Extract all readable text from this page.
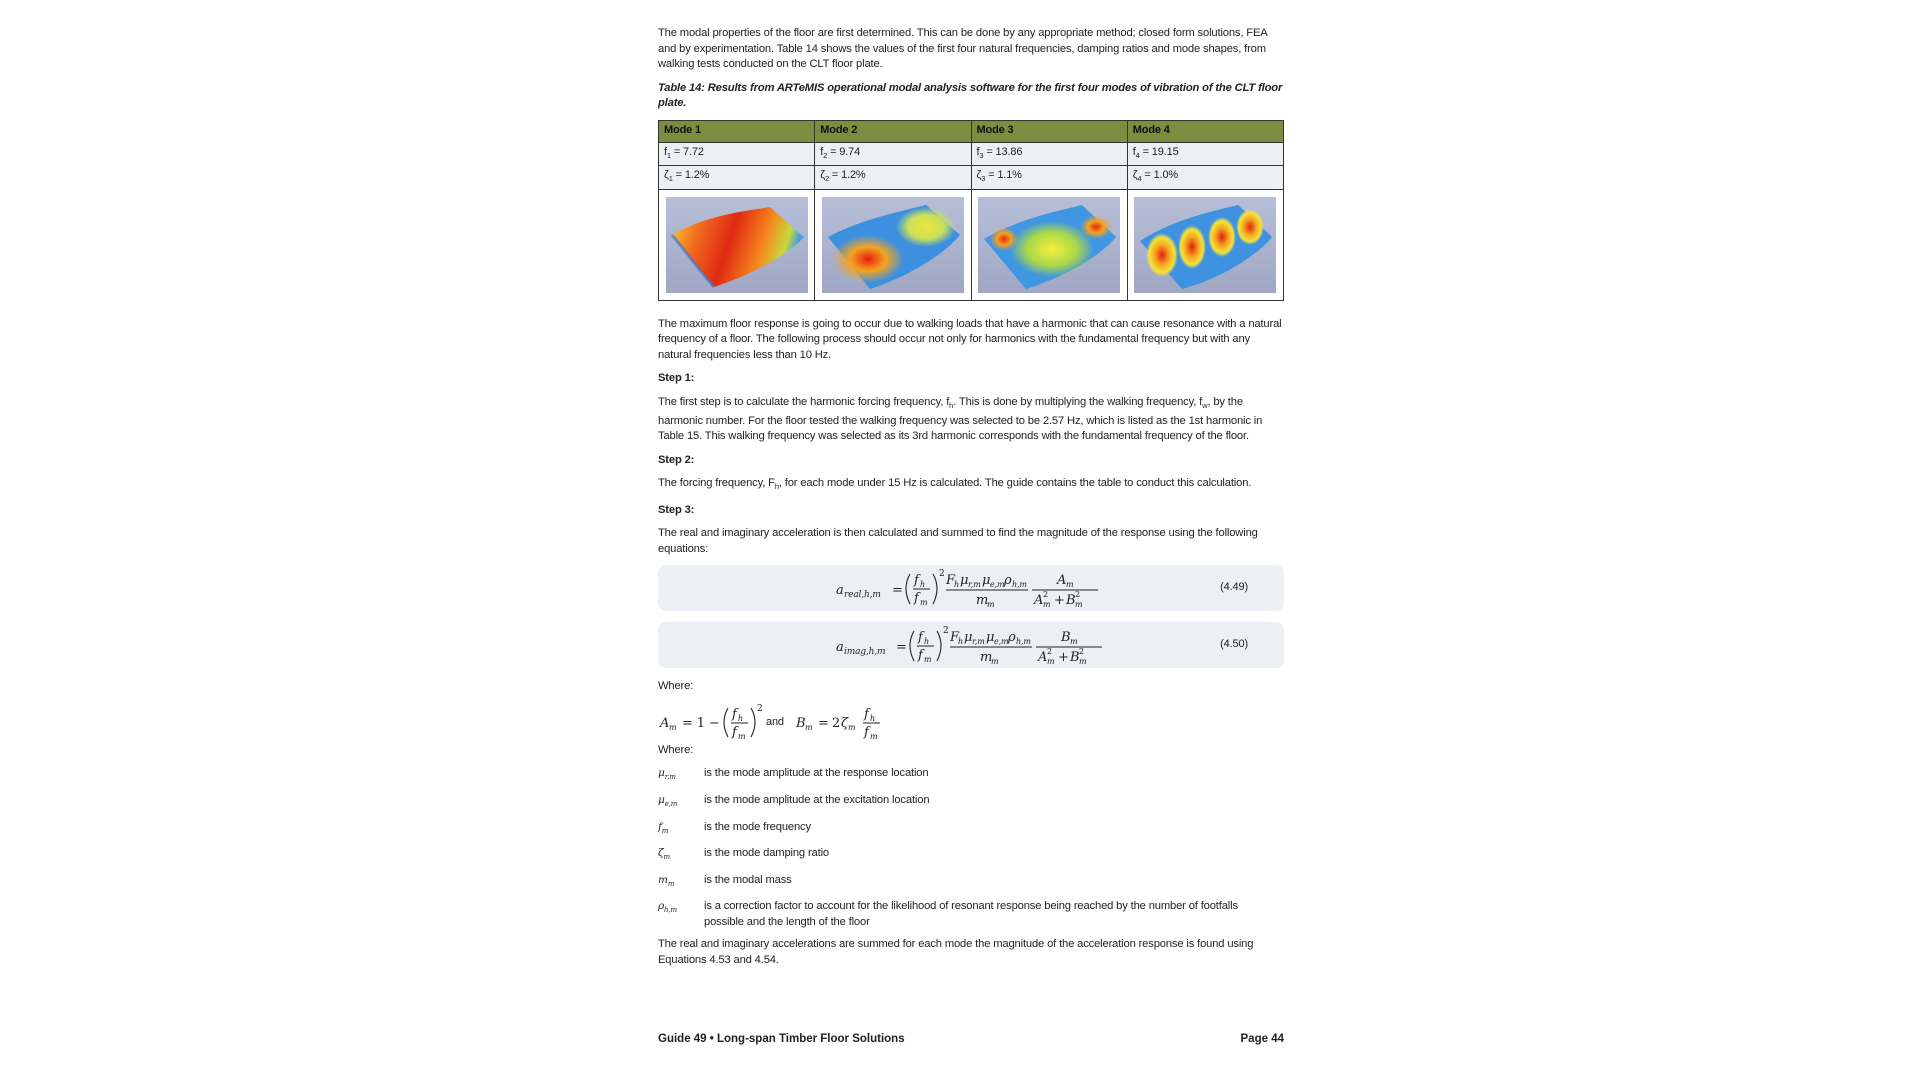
The modal properties of the floor are first determined. This can be done by any appropriate method; closed form solutions, FEA and by experimentation. Table 14 shows the values of the first four natural frequencies, damping ratios and mode shapes, from walking tests conducted on the CLT floor plate.

Table 14: Results from ARTeMIS operational modal analysis software for the first four modes of vibration of the CLT floor plate.

Mode 1	Mode 2	Mode 3	Mode 4
$f_1 = 7.72$	$f_2 = 9.74$	$f_3 = 13.86$	$f_4 = 19.15$
$\zeta_1 = 1.2\%$	$\zeta_2 = 1.2\%$	$\zeta_3 = 1.1\%$	$\zeta_4 = 1.0\%$

The maximum floor response is going to occur due to walking loads that have a harmonic that can cause resonance with a natural frequency of a floor. The following process should occur not only for harmonics with the fundamental frequency but with any natural frequencies less than 10 Hz.

Step 1:

The first step is to calculate the harmonic forcing frequency, $f_h$. This is done by multiplying the walking frequency, $f_w$, by the harmonic number. For the floor tested the walking frequency was selected to be 2.57 Hz, which is listed as the 1st harmonic in Table 15. This walking frequency was selected as its 3rd harmonic corresponds with the fundamental frequency of the floor.

Step 2:

The forcing frequency, $F_h$, for each mode under 15 Hz is calculated. The guide contains the table to conduct this calculation.

Step 3:

The real and imaginary acceleration is then calculated and summed to find the magnitude of the response using the following equations:

a real,h,m =
f h
f m
2 F h μ r,m μ e,m ρ h,m
m
m
A m
A 2
m + B 2
m
(4.49)
a imag,h,m =
f h
f m
2 F h μ r,m μ e,m ρ h,m
m
m
B m
A 2
m + B 2
m
(4.50)

Where:

A m = 1 −
f h
f m
2
B m = 2 ζ m
f h
f m
and

Where:

$\mu_{r,m}$	is the mode amplitude at the response location
$\mu_{e,m}$	is the mode amplitude at the excitation location
$f_m$	is the mode frequency
$\zeta_m$	is the mode damping ratio
$m_m$	is the modal mass
$\rho_{h,m}$	is a correction factor to account for the likelihood of resonant response being reached by the number of footfalls possible and the length of the floor

The real and imaginary accelerations are summed for each mode the magnitude of the acceleration response is found using Equations 4.53 and 4.54.

Guide 49 • Long-span Timber Floor Solutions	Page 44
